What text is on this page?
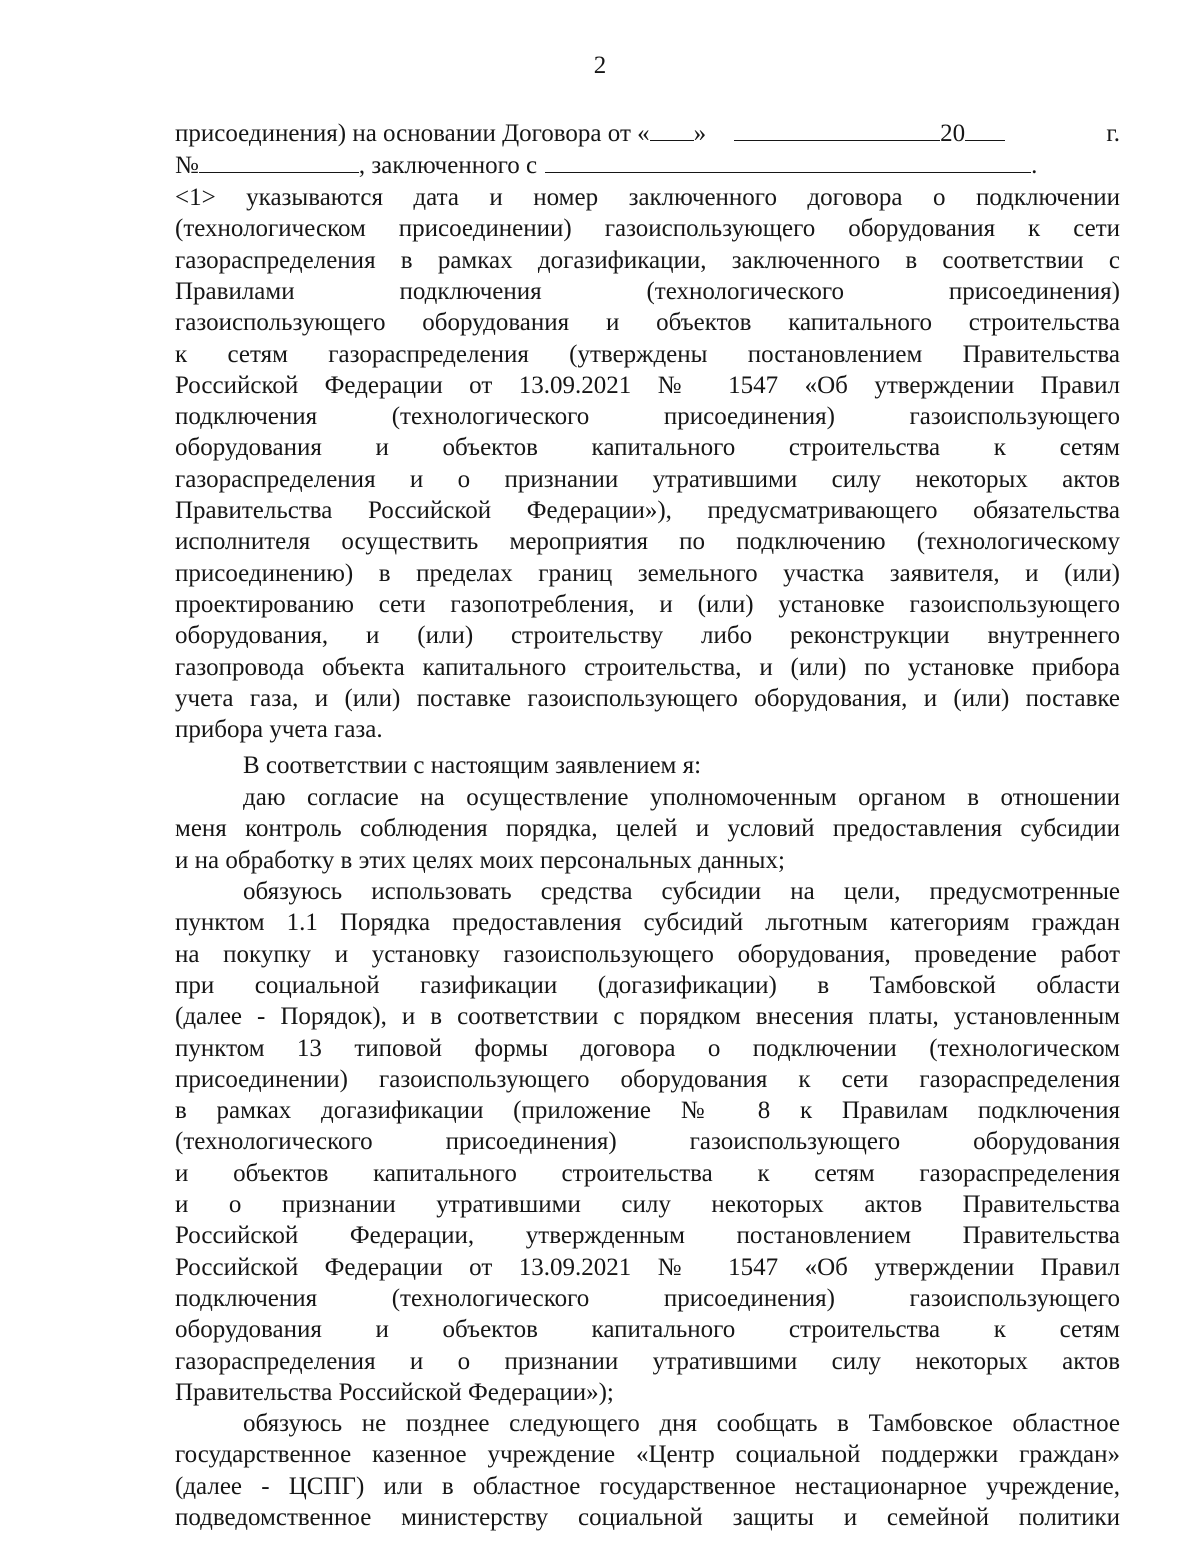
2
присоединения) на основании Договора от « »	20	г.
№	, заключенного с	.
<1> указываются дата и номер заключенного договора о подключении
(технологическом присоединении) газоиспользующего оборудования к сети
газораспределения в рамках догазификации, заключенного в соответствии с
Правилами подключения (технологического присоединения)
газоиспользующего оборудования и объектов капитального строительства
к сетям газораспределения (утверждены постановлением Правительства
Российской Федерации от 13.09.2021 № 1547 «Об утверждении Правил
подключения (технологического присоединения) газоиспользующего
оборудования и объектов капитального строительства к сетям
газораспределения и о признании утратившими силу некоторых актов
Правительства Российской Федерации»), предусматривающего обязательства
исполнителя осуществить мероприятия по подключению (технологическому
присоединению) в пределах границ земельного участка заявителя, и (или)
проектированию сети газопотребления, и (или) установке газоиспользующего
оборудования, и (или) строительству либо реконструкции внутреннего
газопровода объекта капитального строительства, и (или) по установке прибора
учета газа, и (или) поставке газоиспользующего оборудования, и (или) поставке
прибора учета газа.
В соответствии с настоящим заявлением я:
даю согласие на осуществление уполномоченным органом в отношении
меня контроль соблюдения порядка, целей и условий предоставления субсидии
и на обработку в этих целях моих персональных данных;
обязуюсь использовать средства субсидии на цели, предусмотренные
пунктом 1.1 Порядка предоставления субсидий льготным категориям граждан
на покупку и установку газоиспользующего оборудования, проведение работ
при социальной газификации (догазификации) в Тамбовской области
(далее - Порядок), и в соответствии с порядком внесения платы, установленным
пунктом 13 типовой формы договора о подключении (технологическом
присоединении) газоиспользующего оборудования к сети газораспределения
в рамках догазификации (приложение № 8 к Правилам подключения
(технологического присоединения) газоиспользующего оборудования
и объектов капитального строительства к сетям газораспределения
и о признании утратившими силу некоторых актов Правительства
Российской Федерации, утвержденным постановлением Правительства
Российской Федерации от 13.09.2021 № 1547 «Об утверждении Правил
подключения (технологического присоединения) газоиспользующего
оборудования и объектов капитального строительства к сетям
газораспределения и о признании утратившими силу некоторых актов
Правительства Российской Федерации»);
обязуюсь не позднее следующего дня сообщать в Тамбовское областное
государственное казенное учреждение «Центр социальной поддержки граждан»
(далее - ЦСПГ) или в областное государственное нестационарное учреждение,
подведомственное министерству социальной защиты и семейной политики
